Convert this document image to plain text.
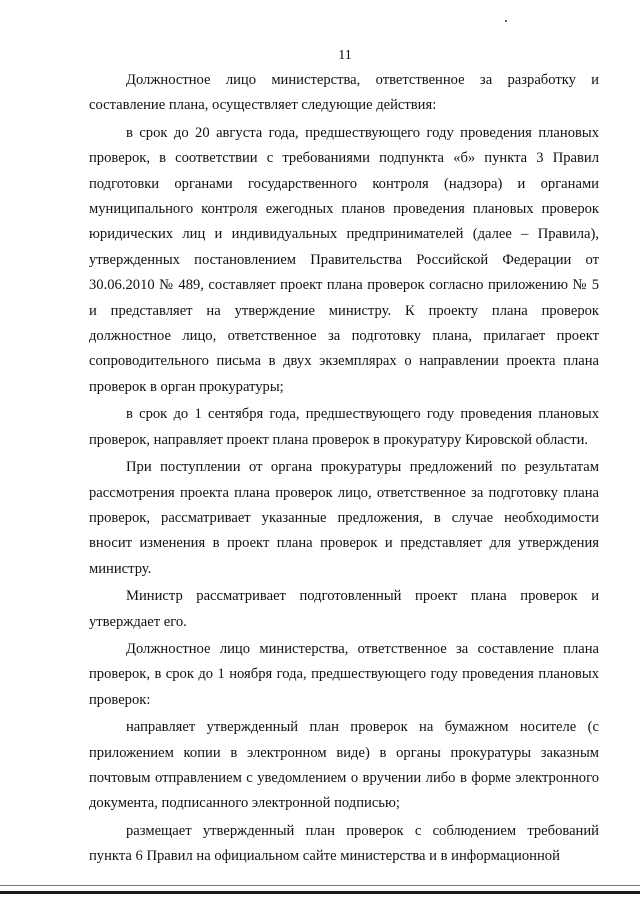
11

Должностное лицо министерства, ответственное за разработку и составление плана, осуществляет следующие действия:

в срок до 20 августа года, предшествующего году проведения плановых проверок, в соответствии с требованиями подпункта «б» пункта 3 Правил подготовки органами государственного контроля (надзора) и органами муниципального контроля ежегодных планов проведения плановых проверок юридических лиц и индивидуальных предпринимателей (далее – Правила), утвержденных постановлением Правительства Российской Федерации от 30.06.2010 № 489, составляет проект плана проверок согласно приложению № 5 и представляет на утверждение министру. К проекту плана проверок должностное лицо, ответственное за подготовку плана, прилагает проект сопроводительного письма в двух экземплярах о направлении проекта плана проверок в орган прокуратуры;

в срок до 1 сентября года, предшествующего году проведения плановых проверок, направляет проект плана проверок в прокуратуру Кировской области.

При поступлении от органа прокуратуры предложений по результатам рассмотрения проекта плана проверок лицо, ответственное за подготовку плана проверок, рассматривает указанные предложения, в случае необходимости вносит изменения в проект плана проверок и представляет для утверждения министру.

Министр рассматривает подготовленный проект плана проверок и утверждает его.

Должностное лицо министерства, ответственное за составление плана проверок, в срок до 1 ноября года, предшествующего году проведения плановых проверок:

направляет утвержденный план проверок на бумажном носителе (с приложением копии в электронном виде) в органы прокуратуры заказным почтовым отправлением с уведомлением о вручении либо в форме электронного документа, подписанного электронной подписью;

размещает утвержденный план проверок с соблюдением требований пункта 6 Правил на официальном сайте министерства и в информационной
